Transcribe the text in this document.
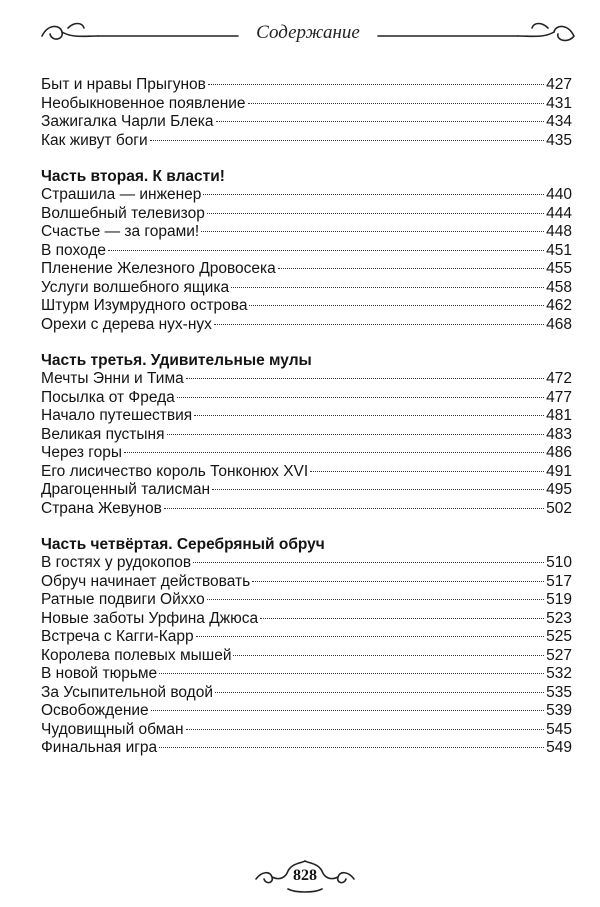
Содержание
Быт и нравы Прыгунов	427
Необыкновенное появление	431
Зажигалка Чарли Блека	434
Как живут боги	435
Часть вторая. К власти!
Страшила — инженер	440
Волшебный телевизор	444
Счастье — за горами!	448
В походе	451
Пленение Железного Дровосека	455
Услуги волшебного ящика	458
Штурм Изумрудного острова	462
Орехи с дерева нух-нух	468
Часть третья. Удивительные мулы
Мечты Энни и Тима	472
Посылка от Фреда	477
Начало путешествия	481
Великая пустыня	483
Через горы	486
Его лисичество король Тонконюх XVI	491
Драгоценный талисман	495
Страна Жевунов	502
Часть четвёртая. Серебряный обруч
В гостях у рудокопов	510
Обруч начинает действовать	517
Ратные подвиги Ойххо	519
Новые заботы Урфина Джюса	523
Встреча с Кагги-Карр	525
Королева полевых мышей	527
В новой тюрьме	532
За Усыпительной водой	535
Освобождение	539
Чудовищный обман	545
Финальная игра	549
828
